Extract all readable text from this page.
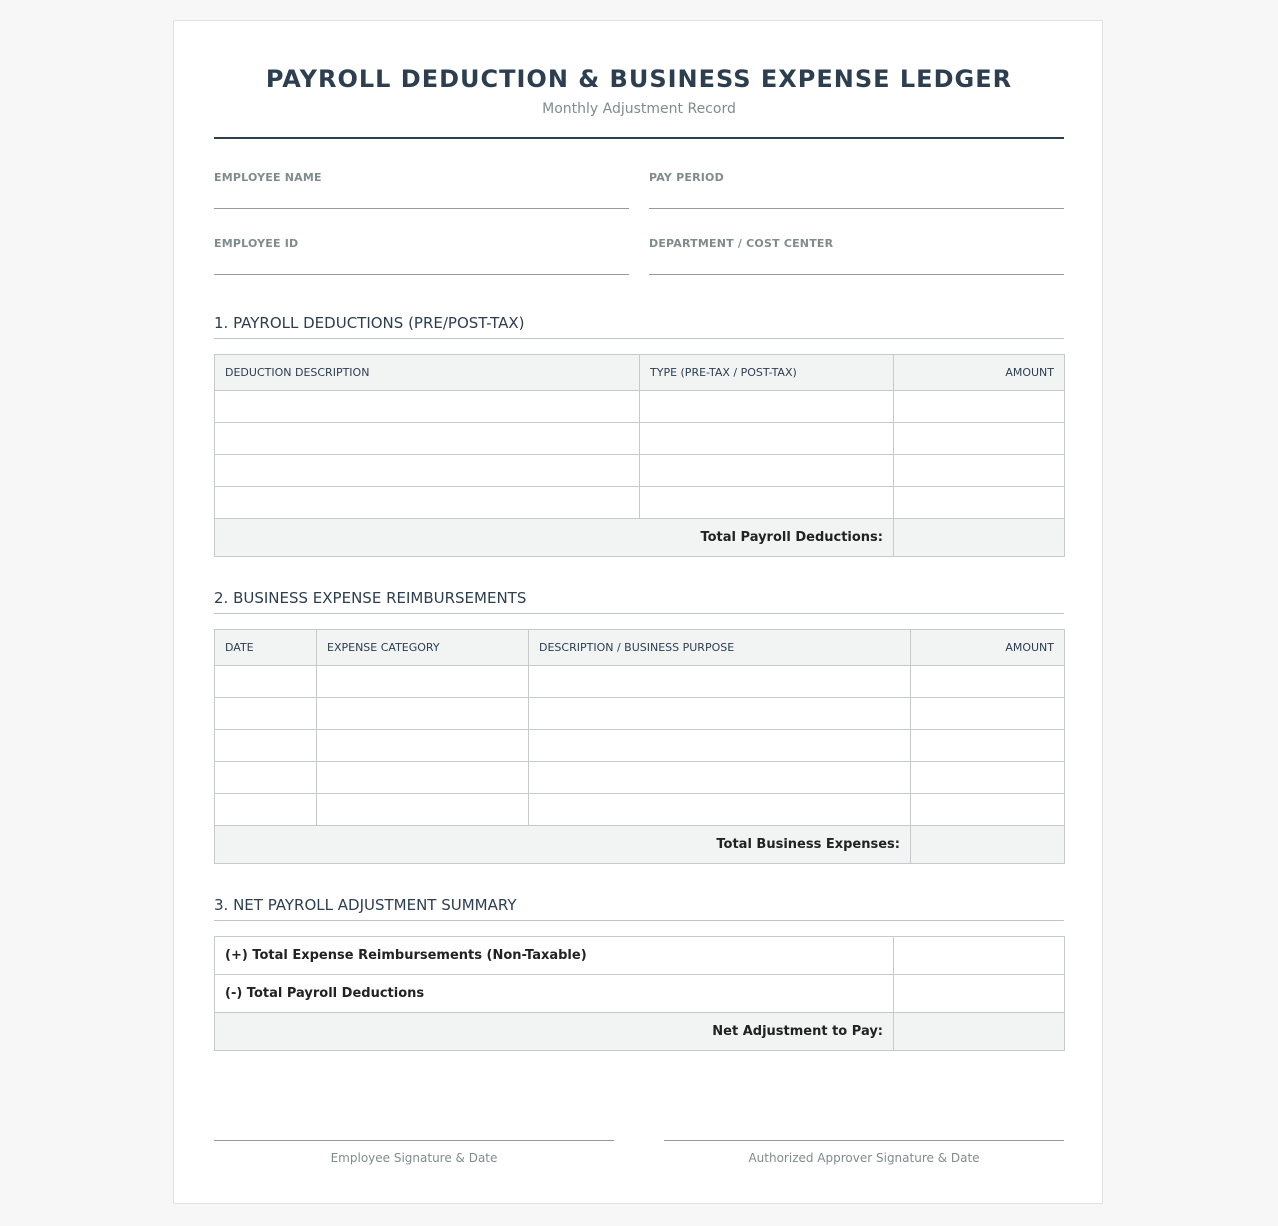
PAYROLL DEDUCTION & BUSINESS EXPENSE LEDGER
Monthly Adjustment Record
EMPLOYEE NAME	PAY PERIOD
EMPLOYEE ID	DEPARTMENT / COST CENTER
1. PAYROLL DEDUCTIONS (PRE/POST-TAX)
DEDUCTION DESCRIPTION	TYPE (PRE-TAX / POST-TAX)	AMOUNT

Total Payroll Deductions:		
2. BUSINESS EXPENSE REIMBURSEMENTS
DATE	EXPENSE CATEGORY	DESCRIPTION / BUSINESS PURPOSE	AMOUNT

Total Business Expenses:			
3. NET PAYROLL ADJUSTMENT SUMMARY
(+) Total Expense Reimbursements (Non-Taxable)	
(-) Total Payroll Deductions	
Net Adjustment to Pay:	
Employee Signature & Date	Authorized Approver Signature & Date
